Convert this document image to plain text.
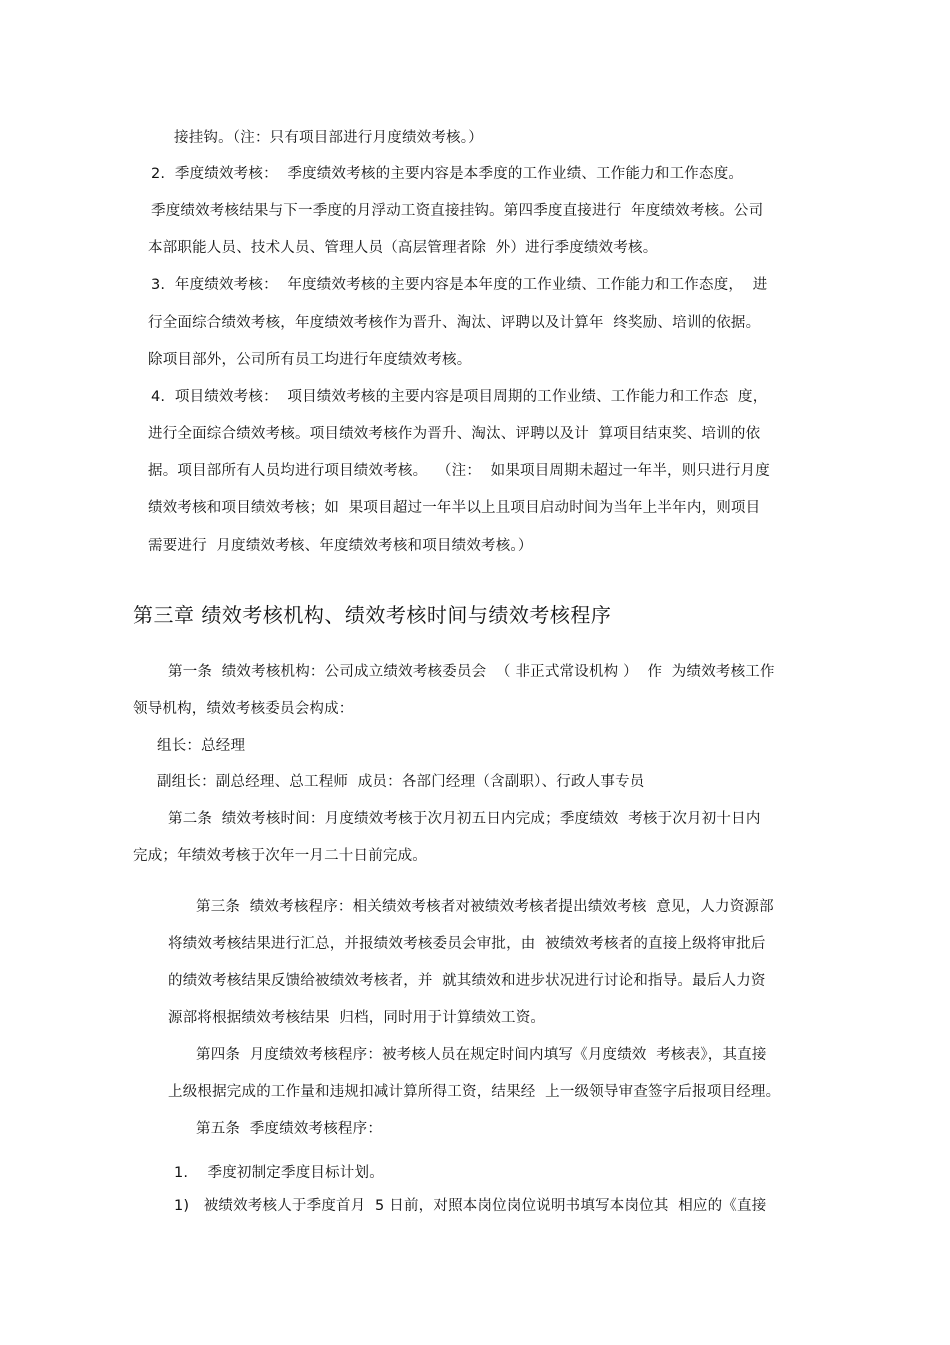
接挂钩。（注：只有项目部进行月度绩效考核。）
2. 季度绩效考核：  季度绩效考核的主要内容是本季度的工作业绩、工作能力和工作态度。
季度绩效考核结果与下一季度的月浮动工资直接挂钩。第四季度直接进行  年度绩效考核。公司
本部职能人员、技术人员、管理人员（高层管理者除  外）进行季度绩效考核。
3. 年度绩效考核：  年度绩效考核的主要内容是本年度的工作业绩、工作能力和工作态度，  进
行全面综合绩效考核，年度绩效考核作为晋升、淘汰、评聘以及计算年  终奖励、培训的依据。
除项目部外，公司所有员工均进行年度绩效考核。
4. 项目绩效考核：  项目绩效考核的主要内容是项目周期的工作业绩、工作能力和工作态  度，
进行全面综合绩效考核。项目绩效考核作为晋升、淘汰、评聘以及计  算项目结束奖、培训的依
据。项目部所有人员均进行项目绩效考核。  （注：  如果项目周期未超过一年半，则只进行月度
绩效考核和项目绩效考核；如  果项目超过一年半以上且项目启动时间为当年上半年内，则项目
需要进行  月度绩效考核、年度绩效考核和项目绩效考核。）
第三章 绩效考核机构、绩效考核时间与绩效考核程序
第一条  绩效考核机构：公司成立绩效考核委员会  （ 非正式常设机构 ）  作  为绩效考核工作
领导机构，绩效考核委员会构成：
组长：总经理
副组长：副总经理、总工程师  成员：各部门经理（含副职）、行政人事专员
第二条  绩效考核时间：月度绩效考核于次月初五日内完成；季度绩效  考核于次月初十日内
完成；年绩效考核于次年一月二十日前完成。
第三条  绩效考核程序：相关绩效考核者对被绩效考核者提出绩效考核  意见，人力资源部
将绩效考核结果进行汇总，并报绩效考核委员会审批，由  被绩效考核者的直接上级将审批后
的绩效考核结果反馈给被绩效考核者，并  就其绩效和进步状况进行讨论和指导。最后人力资
源部将根据绩效考核结果  归档，同时用于计算绩效工资。
第四条  月度绩效考核程序：被考核人员在规定时间内填写《月度绩效  考核表》，其直接
上级根据完成的工作量和违规扣减计算所得工资，结果经  上一级领导审查签字后报项目经理。
第五条  季度绩效考核程序：
1. 季度初制定季度目标计划。
1) 被绩效考核人于季度首月  5 日前，对照本岗位岗位说明书填写本岗位其  相应的《直接
